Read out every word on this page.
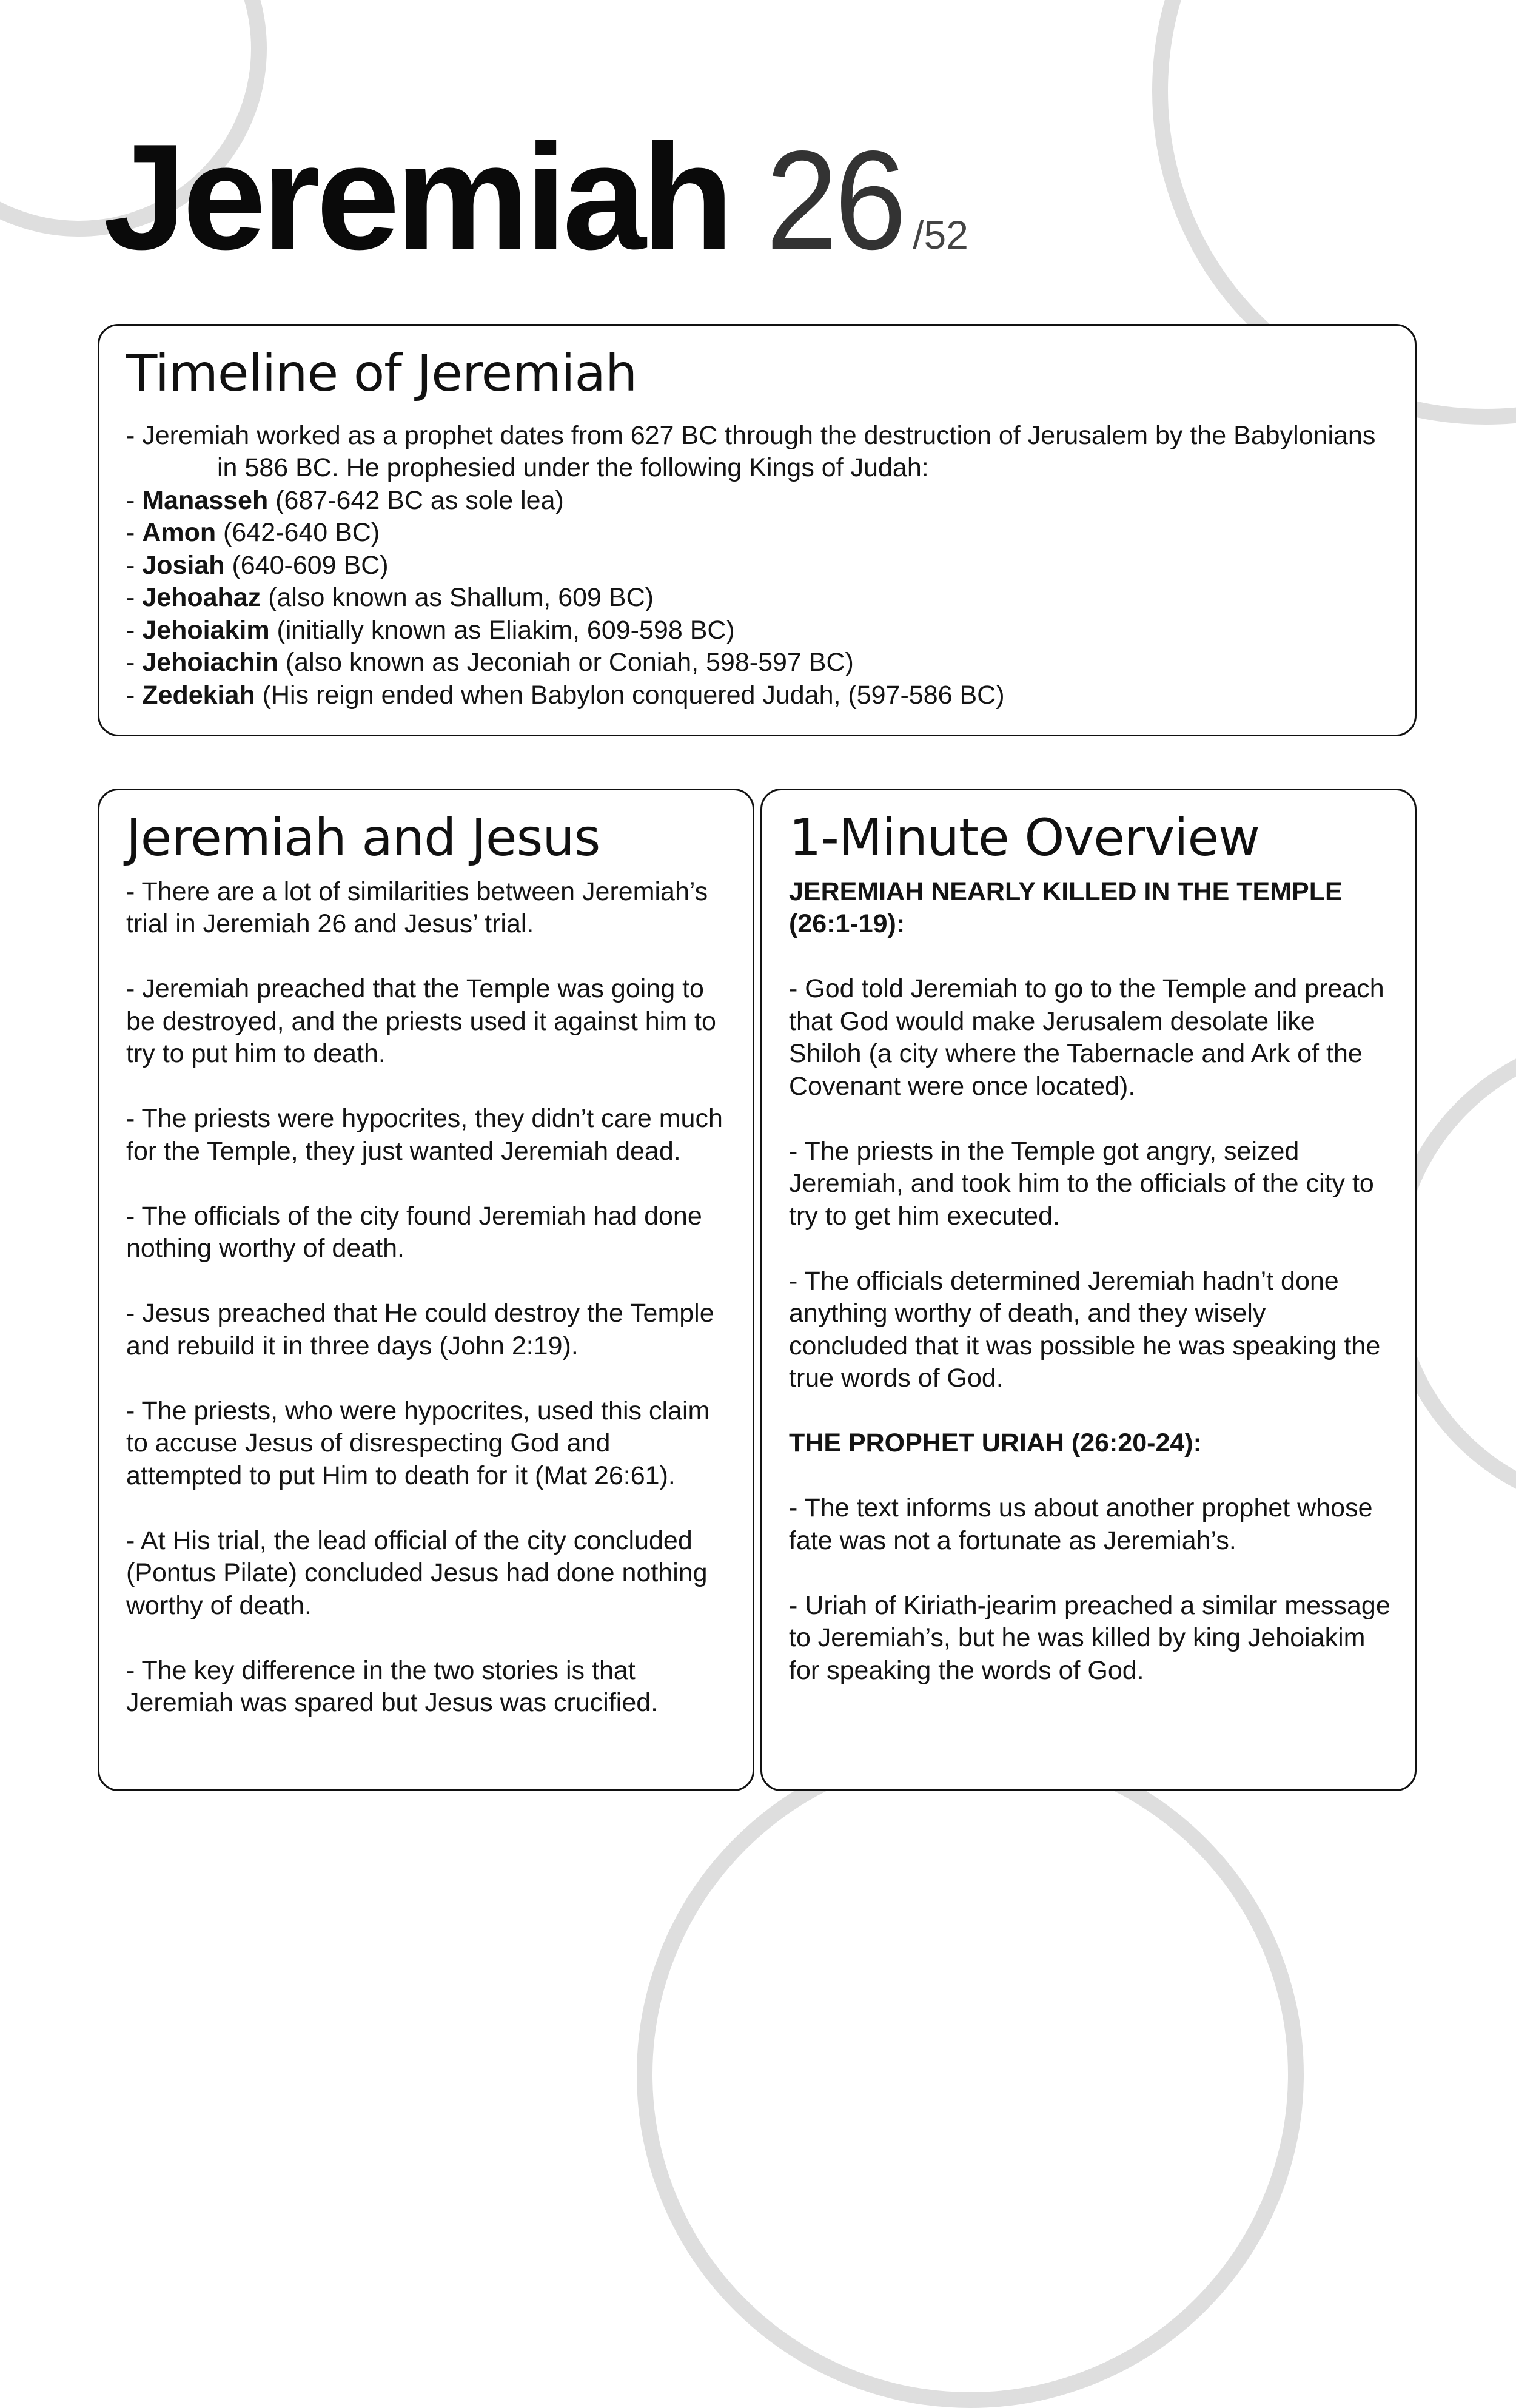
Jeremiah 26 /52
Timeline of Jeremiah
- Jeremiah worked as a prophet dates from 627 BC through the destruction of Jerusalem by the Babylonians in 586 BC. He prophesied under the following Kings of Judah:
- Manasseh (687-642 BC as sole lea)
- Amon (642-640 BC)
- Josiah (640-609 BC)
- Jehoahaz (also known as Shallum, 609 BC)
- Jehoiakim (initially known as Eliakim, 609-598 BC)
- Jehoiachin (also known as Jeconiah or Coniah, 598-597 BC)
- Zedekiah (His reign ended when Babylon conquered Judah, (597-586 BC)
Jeremiah and Jesus

- There are a lot of similarities between Jeremiah’s trial in Jeremiah 26 and Jesus’ trial.

- Jeremiah preached that the Temple was going to be destroyed, and the priests used it against him to try to put him to death.

- The priests were hypocrites, they didn’t care much for the Temple, they just wanted Jeremiah dead.

- The officials of the city found Jeremiah had done nothing worthy of death.

- Jesus preached that He could destroy the Temple and rebuild it in three days (John 2:19).

- The priests, who were hypocrites, used this claim to accuse Jesus of disrespecting God and attempted to put Him to death for it (Mat 26:61).

- At His trial, the lead official of the city concluded (Pontus Pilate) concluded Jesus had done nothing worthy of death.

- The key difference in the two stories is that Jeremiah was spared but Jesus was crucified.

1-Minute Overview

JEREMIAH NEARLY KILLED IN THE TEMPLE (26:1-19):

- God told Jeremiah to go to the Temple and preach that God would make Jerusalem desolate like Shiloh (a city where the Tabernacle and Ark of the Covenant were once located).

- The priests in the Temple got angry, seized Jeremiah, and took him to the officials of the city to try to get him executed.

- The officials determined Jeremiah hadn’t done anything worthy of death, and they wisely concluded that it was possible he was speaking the true words of God.

THE PROPHET URIAH (26:20-24):

- The text informs us about another prophet whose fate was not a fortunate as Jeremiah’s.

- Uriah of Kiriath-jearim preached a similar message to Jeremiah’s, but he was killed by king Jehoiakim for speaking the words of God.
